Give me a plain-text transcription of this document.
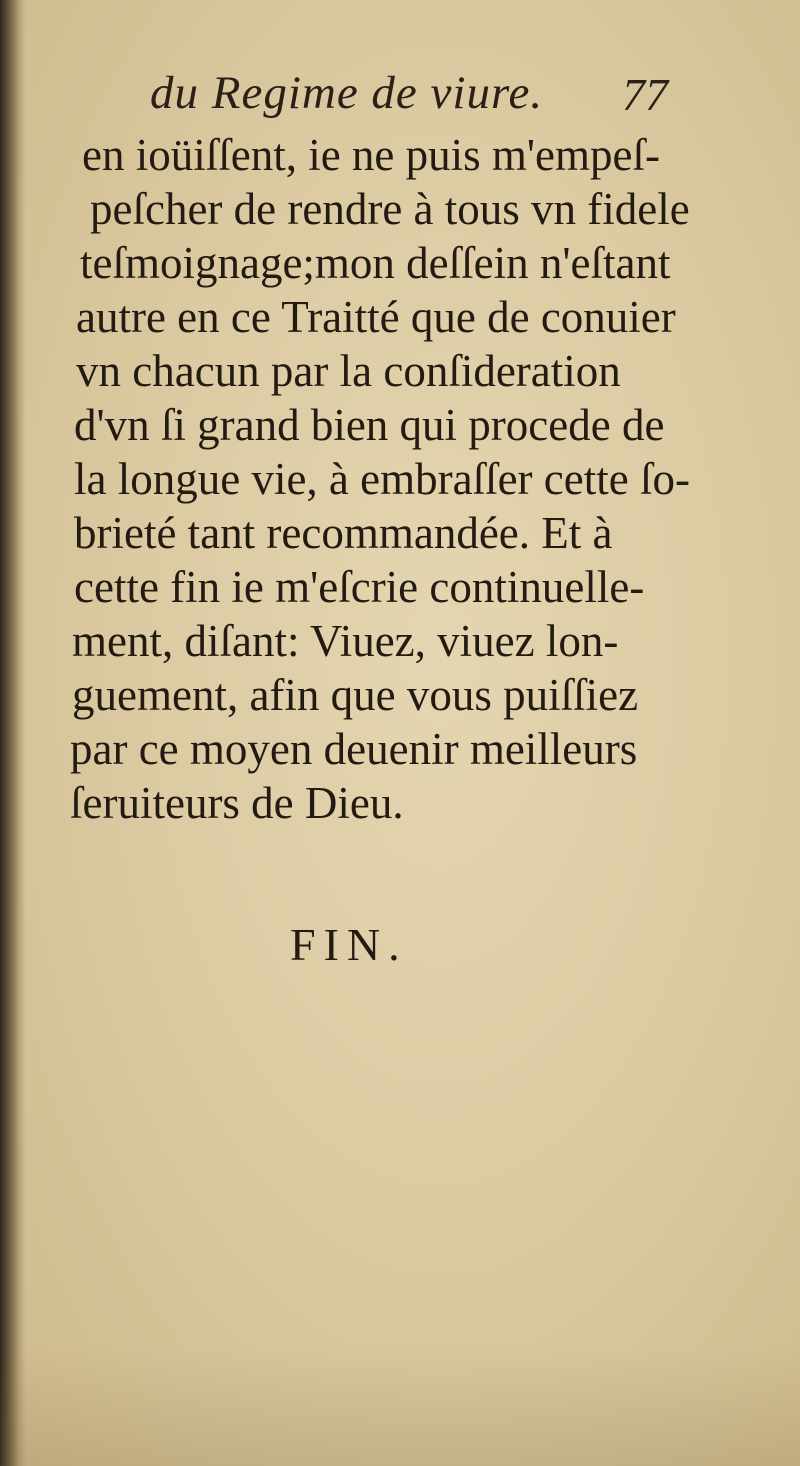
du Regime de viure. 77
en ioüiſſent, ie ne puis m'empeſ-
peſcher de rendre à tous vn fidele
teſmoignage;mon deſſein n'eſtant
autre en ce Traitté que de conuier
vn chacun par la conſideration
d'vn ſi grand bien qui procede de
la longue vie, à embraſſer cette ſo-
brieté tant recommandée. Et à
cette fin ie m'eſcrie continuelle-
ment, diſant: Viuez, viuez lon-
guement, afin que vous puiſſiez
par ce moyen deuenir meilleurs
ſeruiteurs de Dieu.
FIN.
